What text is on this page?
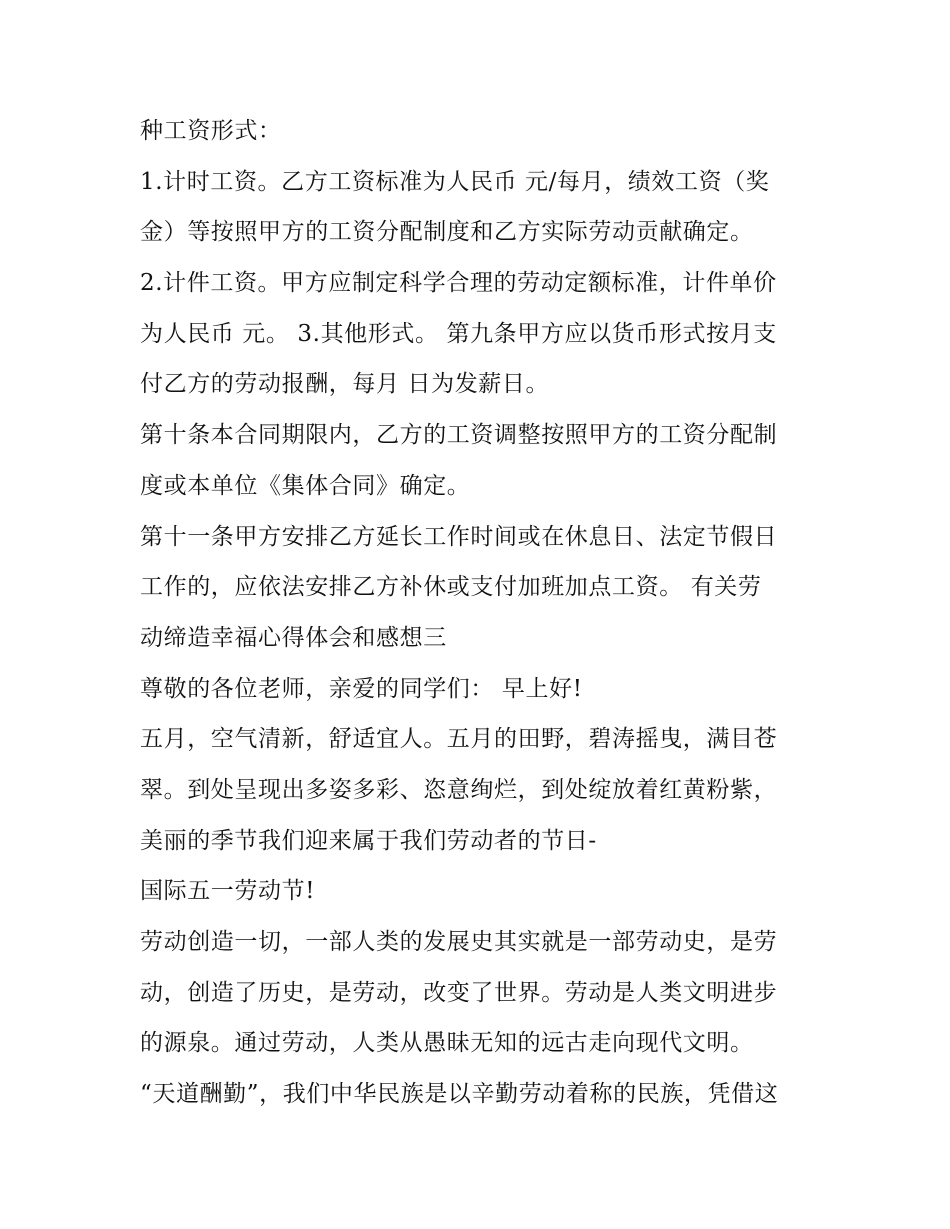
种工资形式：
1.计时工资。乙方工资标准为人民币 元/每月，绩效工资（奖
金）等按照甲方的工资分配制度和乙方实际劳动贡献确定。
2.计件工资。甲方应制定科学合理的劳动定额标准，计件单价
为人民币 元。 3.其他形式。 第九条甲方应以货币形式按月支
付乙方的劳动报酬，每月 日为发薪日。
第十条本合同期限内，乙方的工资调整按照甲方的工资分配制
度或本单位《集体合同》确定。
第十一条甲方安排乙方延长工作时间或在休息日、法定节假日
工作的，应依法安排乙方补休或支付加班加点工资。 有关劳
动缔造幸福心得体会和感想三
尊敬的各位老师，亲爱的同学们： 早上好!
五月，空气清新，舒适宜人。五月的田野，碧涛摇曳，满目苍
翠。到处呈现出多姿多彩、恣意绚烂，到处绽放着红黄粉紫，
美丽的季节我们迎来属于我们劳动者的节日-
国际五一劳动节!
劳动创造一切，一部人类的发展史其实就是一部劳动史，是劳
动，创造了历史，是劳动，改变了世界。劳动是人类文明进步
的源泉。通过劳动，人类从愚昧无知的远古走向现代文明。
“天道酬勤”，我们中华民族是以辛勤劳动着称的民族，凭借这
